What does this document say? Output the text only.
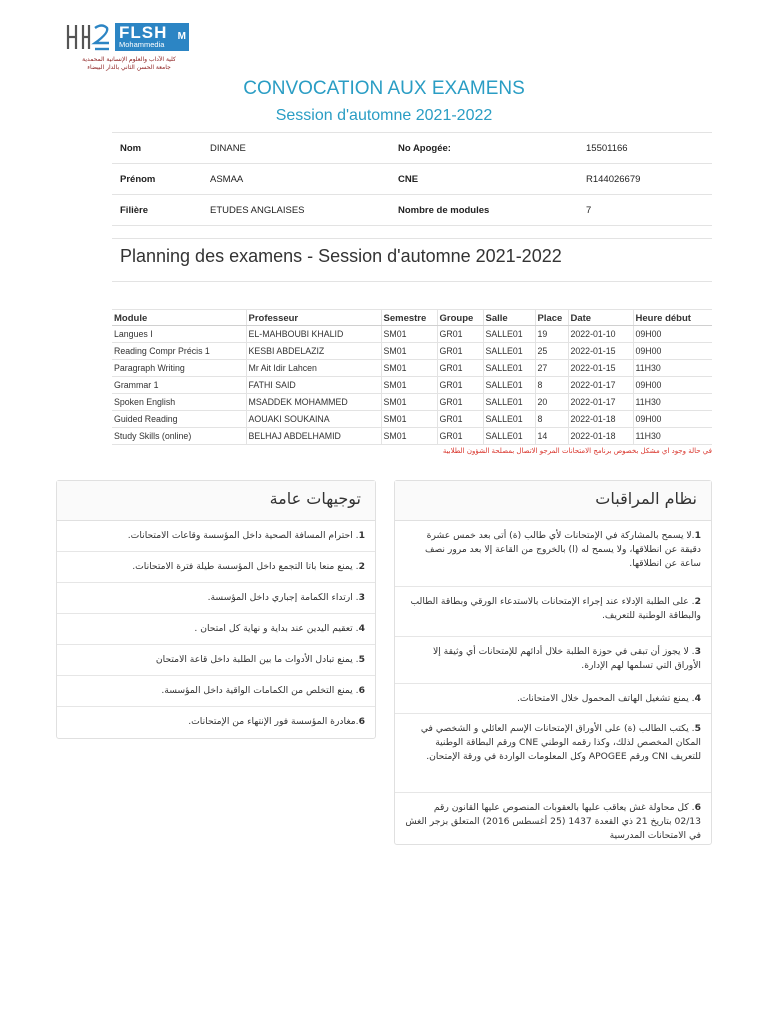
FLSH	M
Mohammedia
كلية الآداب والعلوم الإنسانية المحمدية
جامعة الحسن الثاني بالدار البيضاء
CONVOCATION AUX EXAMENS
Session d'automne 2021-2022
Nom	DINANE	No Apogée:	15501166
Prénom	ASMAA	CNE	R144026679
Filière	ETUDES ANGLAISES	Nombre de modules	7
Planning des examens - Session d'automne 2021-2022
Module	Professeur	Semestre	Groupe	Salle	Place	Date	Heure début
Langues I	EL-MAHBOUBI KHALID	SM01	GR01	SALLE01	19	2022-01-10	09H00
Reading Compr Précis 1	KESBI ABDELAZIZ	SM01	GR01	SALLE01	25	2022-01-15	09H00
Paragraph Writing	Mr Ait Idir Lahcen	SM01	GR01	SALLE01	27	2022-01-15	11H30
Grammar 1	FATHI SAID	SM01	GR01	SALLE01	8	2022-01-17	09H00
Spoken English	MSADDEK MOHAMMED	SM01	GR01	SALLE01	20	2022-01-17	11H30
Guided Reading	AOUAKI SOUKAINA	SM01	GR01	SALLE01	8	2022-01-18	09H00
Study Skills (online)	BELHAJ ABDELHAMID	SM01	GR01	SALLE01	14	2022-01-18	11H30
في حالة وجود اي مشكل بخصوص برنامج الامتحانات المرجو الاتصال بمصلحة الشؤون الطلابية
توجيهات عامة
1. احترام المسافة الصحية داخل المؤسسة وقاعات الامتحانات.
2. يمنع منعا باتا التجمع داخل المؤسسة طيلة فترة الامتحانات.
3. ارتداء الكمامة إجباري داخل المؤسسة.
4. تعقيم اليدين عند بداية و نهاية كل امتحان .
5. يمنع تبادل الأدوات ما بين الطلبة داخل قاعة الامتحان
6. يمنع التخلص من الكمامات الواقية داخل المؤسسة.
6.مغادرة المؤسسة فور الإنتهاء من الإمتحانات.
نظام المراقبات
1.لا يسمح بالمشاركة في الإمتحانات لأي طالب (ة) أتى بعد خمس عشرة دقيقة عن انطلاقها، ولا يسمح له (ا) بالخروج من القاعة إلا بعد مرور نصف ساعة عن انطلاقها.
2. على الطلبة الإدلاء عند إجراء الإمتحانات بالاستدعاء الورقي وبطاقة الطالب والبطاقة الوطنية للتعريف.
3. لا يجوز أن تبقى في حوزة الطلبة خلال أدائهم للإمتحانات أي وثيقة إلا الأوراق التي تسلمها لهم الإدارة.
4. يمنع تشغيل الهاتف المحمول خلال الامتحانات.
5. يكتب الطالب (ة) على الأوراق الإمتحانات الإسم العائلي و الشخصي في المكان المخصص لذلك، وكذا رقمه الوطني CNE ورقم البطاقة الوطنية للتعريف CNI ورقم APOGEE وكل المعلومات الواردة في ورقة الإمتحان.
6. كل محاولة غش يعاقب عليها بالعقوبات المنصوص عليها القانون رقم 02/13 بتاريخ 21 ذي القعدة 1437 (25 أغسطس 2016) المتعلق بزجر الغش في الامتحانات المدرسية
